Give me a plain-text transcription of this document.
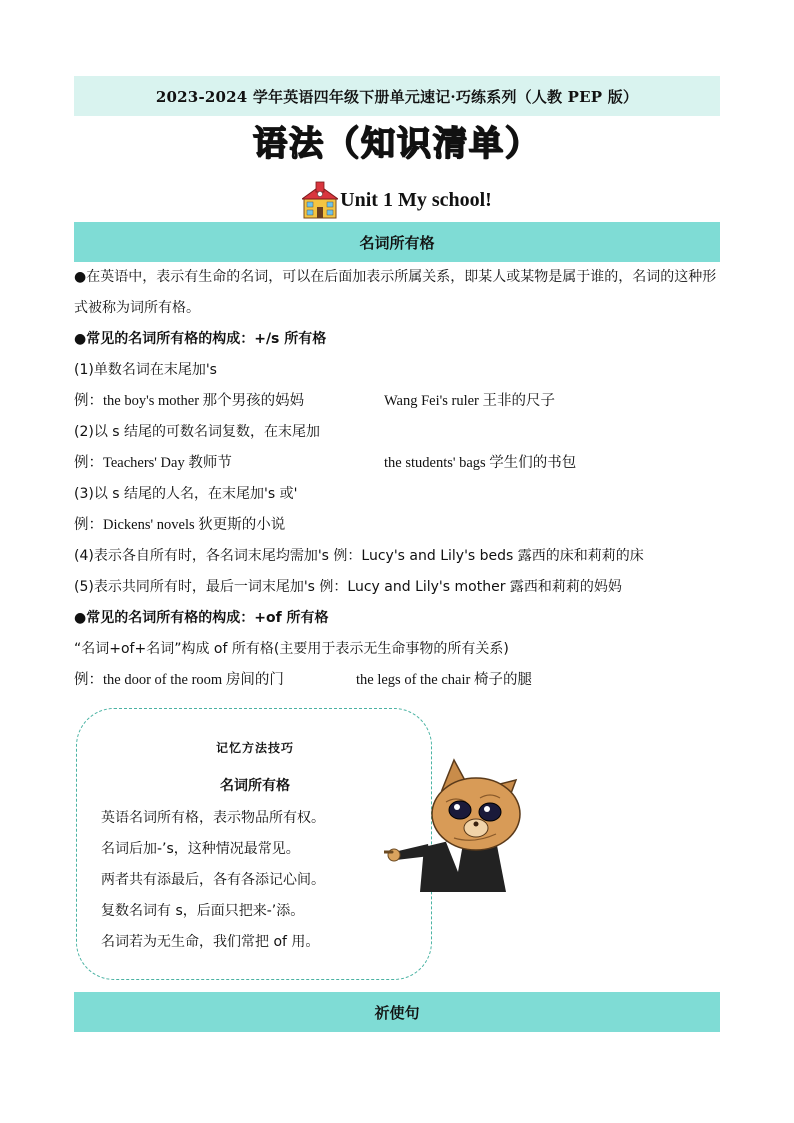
2023-2024 学年英语四年级下册单元速记·巧练系列（人教 PEP 版）
语法（知识清单）
Unit 1 My school!
名词所有格

●在英语中，表示有生命的名词，可以在后面加表示所属关系，即某人或某物是属于谁的，名词的这种形式被称为词所有格。

●常见的名词所有格的构成：+/s 所有格

(1)单数名词在末尾加's

例：the boy's mother 那个男孩的妈妈	Wang Fei's ruler 王非的尺子

(2)以 s 结尾的可数名词复数，在末尾加

例：Teachers' Day 教师节	the students' bags 学生们的书包

(3)以 s 结尾的人名，在末尾加's 或'

例：Dickens' novels 狄更斯的小说

(4)表示各自所有时，各名词末尾均需加's 例：Lucy's and Lily's beds 露西的床和莉莉的床

(5)表示共同所有时，最后一词末尾加's 例：Lucy and Lily's mother 露西和莉莉的妈妈

●常见的名词所有格的构成：+of 所有格

“名词+of+名词”构成 of 所有格(主要用于表示无生命事物的所有关系)

例：the door of the room 房间的门	the legs of the chair 椅子的腿
记忆方法技巧
名词所有格
英语名词所有格，表示物品所有权。
名词后加-’s，这种情况最常见。
两者共有添最后，各有各添记心间。
复数名词有 s，后面只把来-’添。
名词若为无生命，我们常把 of 用。
祈使句
